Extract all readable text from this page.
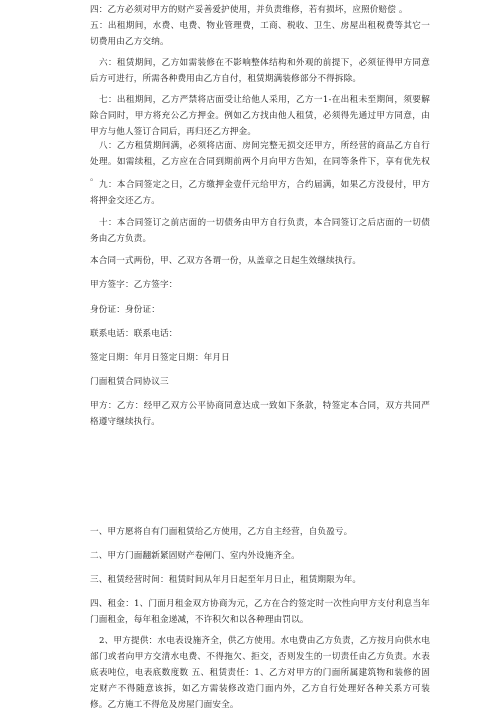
四：乙方必须对甲方的财产妥善爱护使用，并负责维修，若有损坏，应照价赔偿 。
五：出租期间，水费、电费、物业管理费，工商、税收、卫生、房屋出租税费等其它一切费用由乙方交纳。
六：租赁期间，乙方如需装修在不影响整体结构和外观的前提下，必须征得甲方同意后方可进行，所需各种费用由乙方自付，租赁期满装修部分不得拆除。
七：出租期间，乙方严禁将店面受让给他人采用，乙方一1-在出租未至期间，须要解除合同时，甲方将充公乙方押金。例如乙方找由他人租赁，必须得先通过甲方同意，由甲方与他人签订合同后，再归还乙方押金。
八：乙方租赁期间满，必须将店面、房间完整无损交还甲方，所经营的商品乙方自行处理。如需续租，乙方应在合同到期前两个月向甲方告知，在同等条件下，享有优先权 。
九：本合同签定之日，乙方缴押金壹仟元给甲方，合约届满，如果乙方没侵付，甲方将押金交还乙方。
十：本合同签订之前店面的一切债务由甲方自行负责，本合同签订之后店面的一切债务由乙方负责。
本合同一式两份，甲、乙双方各谓一份，从盖章之日起生效继续执行。
甲方签字：乙方签字：
身份证：身份证：
联系电话：联系电话：
签定日期：年月日签定日期：年月日
门面租赁合同协议三
甲方：乙方：经甲乙双方公平协商同意达成一致如下条款，特签定本合同，双方共同严格遵守继续执行。
一、甲方愿将自有门面租赁给乙方使用，乙方自主经营，自负盈亏。
二、甲方门面翻新紧固财产卷闸门、室内外设施齐全。
三、租赁经营时间：租赁时间从年月日起至年月日止，租赁期限为年。
四、租金：1、门面月租金双方协商为元，乙方在合约签定时一次性向甲方支付利息当年门面租金，每年租金递减，不许积欠和以各种理由罚以。
2、甲方提供：水电表设施齐全，供乙方使用。水电费由乙方负责，乙方按月向供水电部门或者向甲方交清水电费、不得拖欠、拒交，否则发生的一切责任由乙方负责。水表底表吨位，电表底数度数 五、租赁责任：1、乙方对甲方的门面所属建筑物和装修的固定财产不得随意该拆，如乙方需装修改造门面内外，乙方自行处理好各种关系方可装修。乙方施工不得危及房屋门面安全。
